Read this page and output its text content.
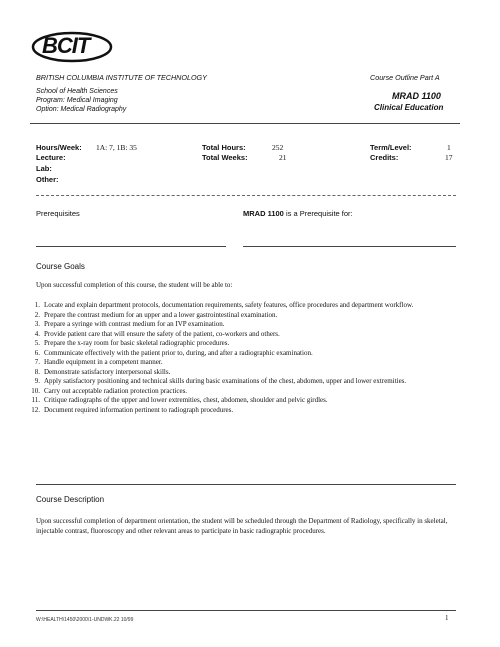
BCIT
BRITISH COLUMBIA INSTITUTE OF TECHNOLOGY	Course Outline Part A
School of Health Sciences
Program: Medical Imaging
Option: Medical Radiography
MRAD 1100
Clinical Education
Hours/Week: 1A: 7, 1B: 35
Lecture:
Lab:
Other:
Total Hours:	252
Total Weeks:	21
Term/Level:	1
Credits:	17
Prerequisites	MRAD 1100 is a Prerequisite for:
Course Goals
Upon successful completion of this course, the student will be able to:
1. Locate and explain department protocols, documentation requirements, safety features, office procedures and department workflow.
2. Prepare the contrast medium for an upper and a lower gastrointestinal examination.
3. Prepare a syringe with contrast medium for an IVP examination.
4. Provide patient care that will ensure the safety of the patient, co-workers and others.
5. Prepare the x-ray room for basic skeletal radiographic procedures.
6. Communicate effectively with the patient prior to, during, and after a radiographic examination.
7. Handle equipment in a competent manner.
8. Demonstrate satisfactory interpersonal skills.
9. Apply satisfactory positioning and technical skills during basic examinations of the chest, abdomen, upper and lower extremities.
10. Carry out acceptable radiation protection practices.
11. Critique radiographs of the upper and lower extremities, chest, abdomen, shoulder and pelvic girdles.
12. Document required information pertinent to radiograph procedures.
Course Description
Upon successful completion of department orientation, the student will be scheduled through the Department of Radiology, specifically in skeletal, injectable contrast, fluoroscopy and other relevant areas to participate in basic radiographic procedures.
W:\HEALTH\1450\2000\1-UNDWK.22 10/99	1
